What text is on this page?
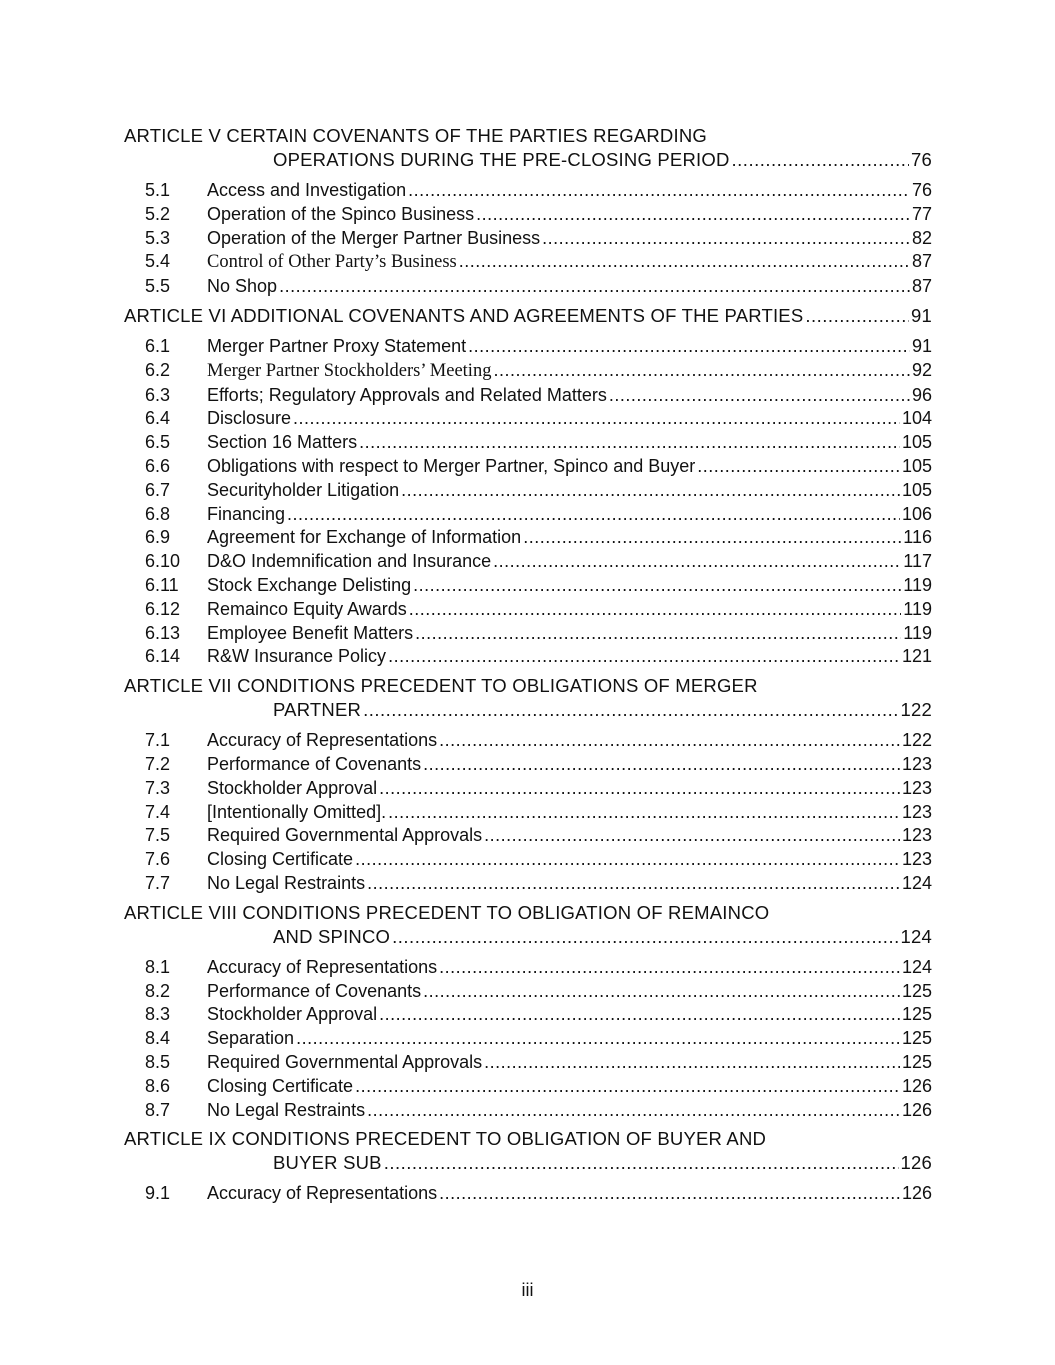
ARTICLE V CERTAIN COVENANTS OF THE PARTIES REGARDING
OPERATIONS DURING THE PRE-CLOSING PERIOD .....	76
5.1	Access and Investigation .....	76
5.2	Operation of the Spinco Business .....	77
5.3	Operation of the Merger Partner Business .....	82
5.4	Control of Other Party’s Business .....	87
5.5	No Shop .....	87
ARTICLE VI ADDITIONAL COVENANTS AND AGREEMENTS OF THE PARTIES .....	91
6.1	Merger Partner Proxy Statement .....	91
6.2	Merger Partner Stockholders’ Meeting .....	92
6.3	Efforts; Regulatory Approvals and Related Matters .....	96
6.4	Disclosure .....	104
6.5	Section 16 Matters .....	105
6.6	Obligations with respect to Merger Partner, Spinco and Buyer .....	105
6.7	Securityholder Litigation .....	105
6.8	Financing .....	106
6.9	Agreement for Exchange of Information .....	116
6.10	D&O Indemnification and Insurance .....	117
6.11	Stock Exchange Delisting .....	119
6.12	Remainco Equity Awards .....	119
6.13	Employee Benefit Matters .....	119
6.14	R&W Insurance Policy .....	121
ARTICLE VII CONDITIONS PRECEDENT TO OBLIGATIONS OF MERGER
PARTNER .....	122
7.1	Accuracy of Representations .....	122
7.2	Performance of Covenants .....	123
7.3	Stockholder Approval .....	123
7.4	[Intentionally Omitted]. .....	123
7.5	Required Governmental Approvals .....	123
7.6	Closing Certificate .....	123
7.7	No Legal Restraints .....	124
ARTICLE VIII CONDITIONS PRECEDENT TO OBLIGATION OF REMAINCO
AND SPINCO .....	124
8.1	Accuracy of Representations .....	124
8.2	Performance of Covenants .....	125
8.3	Stockholder Approval .....	125
8.4	Separation .....	125
8.5	Required Governmental Approvals .....	125
8.6	Closing Certificate .....	126
8.7	No Legal Restraints .....	126
ARTICLE IX CONDITIONS PRECEDENT TO OBLIGATION OF BUYER AND
BUYER SUB .....	126
9.1	Accuracy of Representations .....	126
iii
